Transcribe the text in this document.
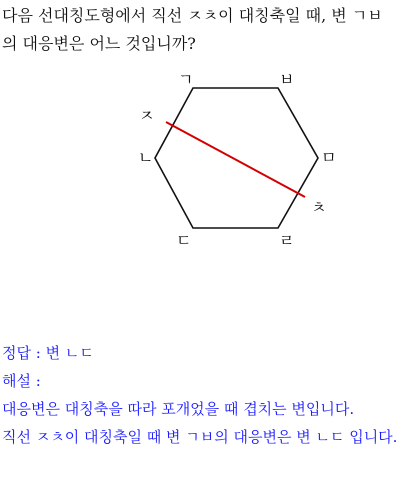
다음 선대칭도형에서 직선 ㅈㅊ이 대칭축일 때, 변 ㄱㅂ의 대응변은 어느 것입니까?

ㄱ	ㅂ
ㅁ
ㄹ
ㄷ
ㄴ
ㅈ
ㅊ

정답 : 변 ㄴㄷ

해설 :

대응변은 대칭축을 따라 포개었을 때 겹치는 변입니다.

직선 ㅈㅊ이 대칭축일 때 변 ㄱㅂ의 대응변은 변 ㄴㄷ 입니다.
